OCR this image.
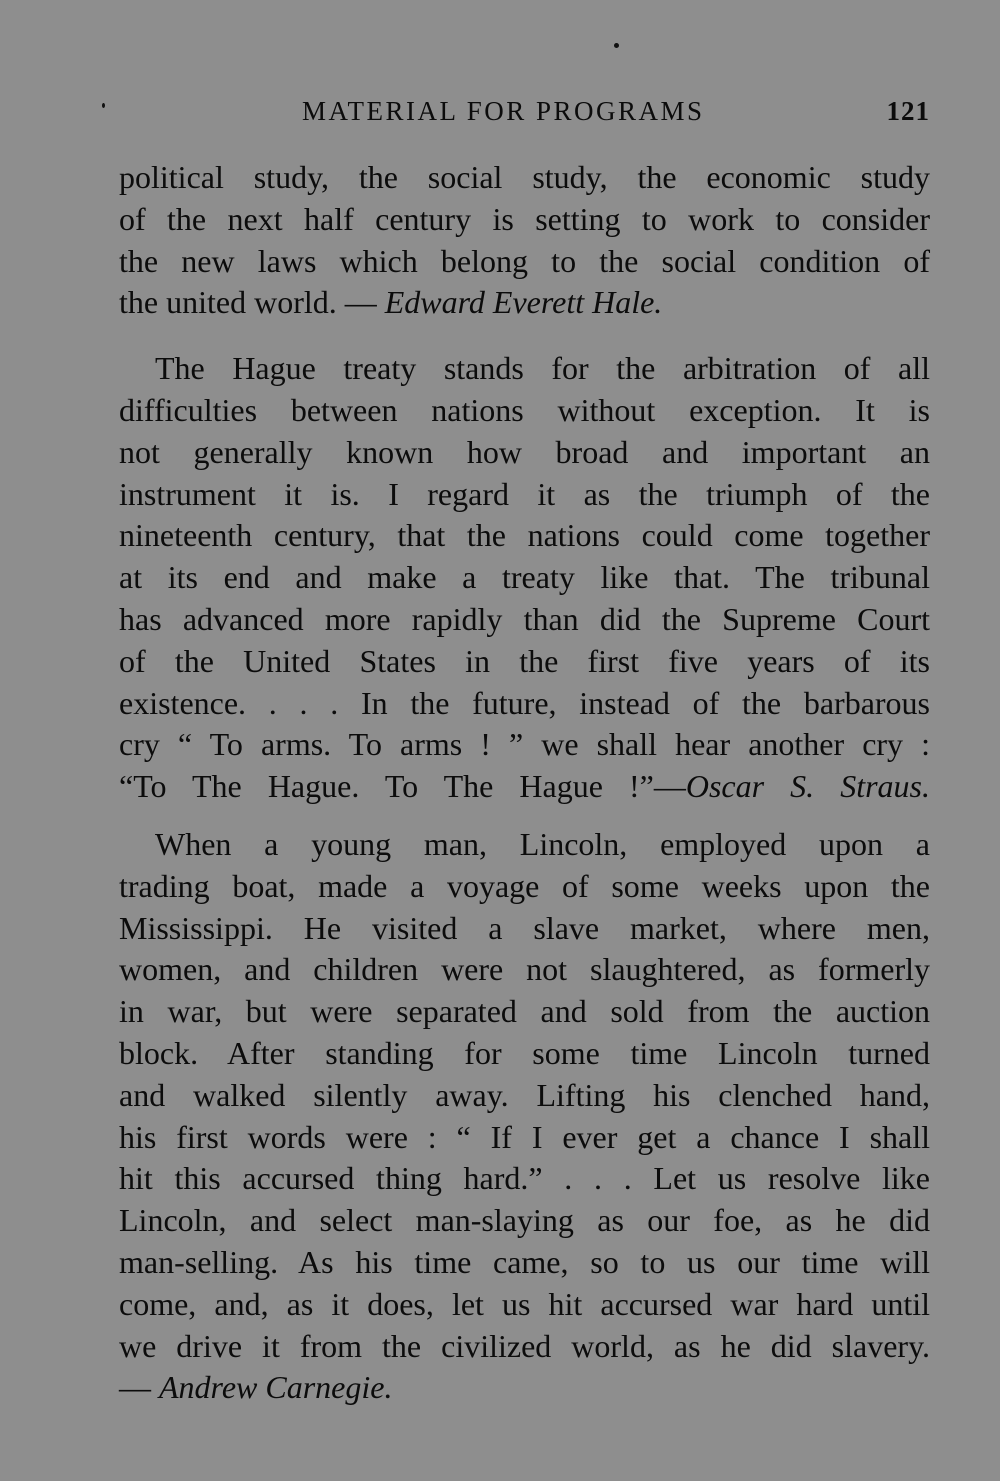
MATERIAL FOR PROGRAMS	121
political study, the social study, the economic study
of the next half century is setting to work to consider
the new laws which belong to the social condition of
the united world. — Edward Everett Hale.
The Hague treaty stands for the arbitration of all
difficulties between nations without exception. It is
not generally known how broad and important an
instrument it is. I regard it as the triumph of the
nineteenth century, that the nations could come together
at its end and make a treaty like that. The tribunal
has advanced more rapidly than did the Supreme Court
of the United States in the first five years of its
existence. . . . In the future, instead of the barbarous
cry “ To arms. To arms ! ” we shall hear another cry :
“To The Hague. To The Hague !”—Oscar S. Straus.
When a young man, Lincoln, employed upon a
trading boat, made a voyage of some weeks upon the
Mississippi. He visited a slave market, where men,
women, and children were not slaughtered, as formerly
in war, but were separated and sold from the auction
block. After standing for some time Lincoln turned
and walked silently away. Lifting his clenched hand,
his first words were : “ If I ever get a chance I shall
hit this accursed thing hard.” . . . Let us resolve like
Lincoln, and select man-slaying as our foe, as he did
man-selling. As his time came, so to us our time will
come, and, as it does, let us hit accursed war hard until
we drive it from the civilized world, as he did slavery.
— Andrew Carnegie.
